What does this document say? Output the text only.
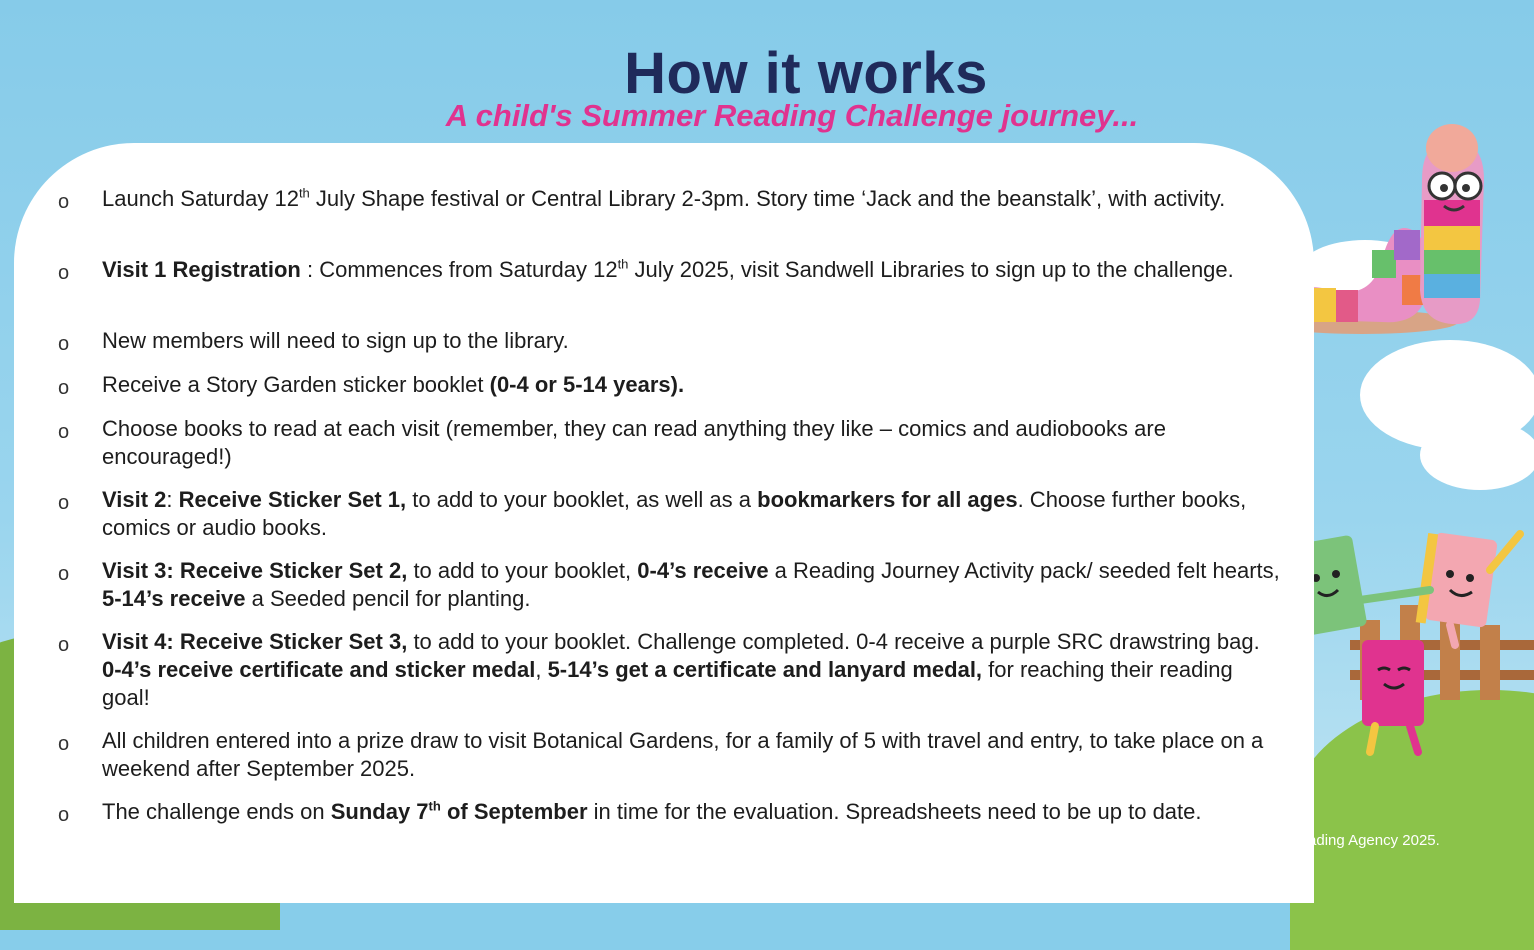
How it works
A child's Summer Reading Challenge journey...
o Launch Saturday 12th July Shape festival or Central Library 2-3pm. Story time ‘Jack and the beanstalk’, with activity.
o Visit 1 Registration : Commences from Saturday 12th July 2025, visit Sandwell Libraries to sign up to the challenge.
o New members will need to sign up to the library.
o Receive a Story Garden sticker booklet (0-4 or 5-14 years).
o Choose books to read at each visit (remember, they can read anything they like – comics and audiobooks are encouraged!)
o Visit 2: Receive Sticker Set 1, to add to your booklet, as well as a bookmarkers for all ages. Choose further books, comics or audio books.
o Visit 3: Receive Sticker Set 2, to add to your booklet, 0-4’s receive a Reading Journey Activity pack/ seeded felt hearts, 5-14’s receive a Seeded pencil for planting.
o Visit 4: Receive Sticker Set 3, to add to your booklet. Challenge completed. 0-4 receive a purple SRC drawstring bag. 0-4’s receive certificate and sticker medal, 5-14’s get a certificate and lanyard medal, for reaching their reading goal!
o All children entered into a prize draw to visit Botanical Gardens, for a family of 5 with travel and entry, to take place on a weekend after September 2025.
o The challenge ends on Sunday 7th of September in time for the evaluation. Spreadsheets need to be up to date.
he Reading Agency 2025.
